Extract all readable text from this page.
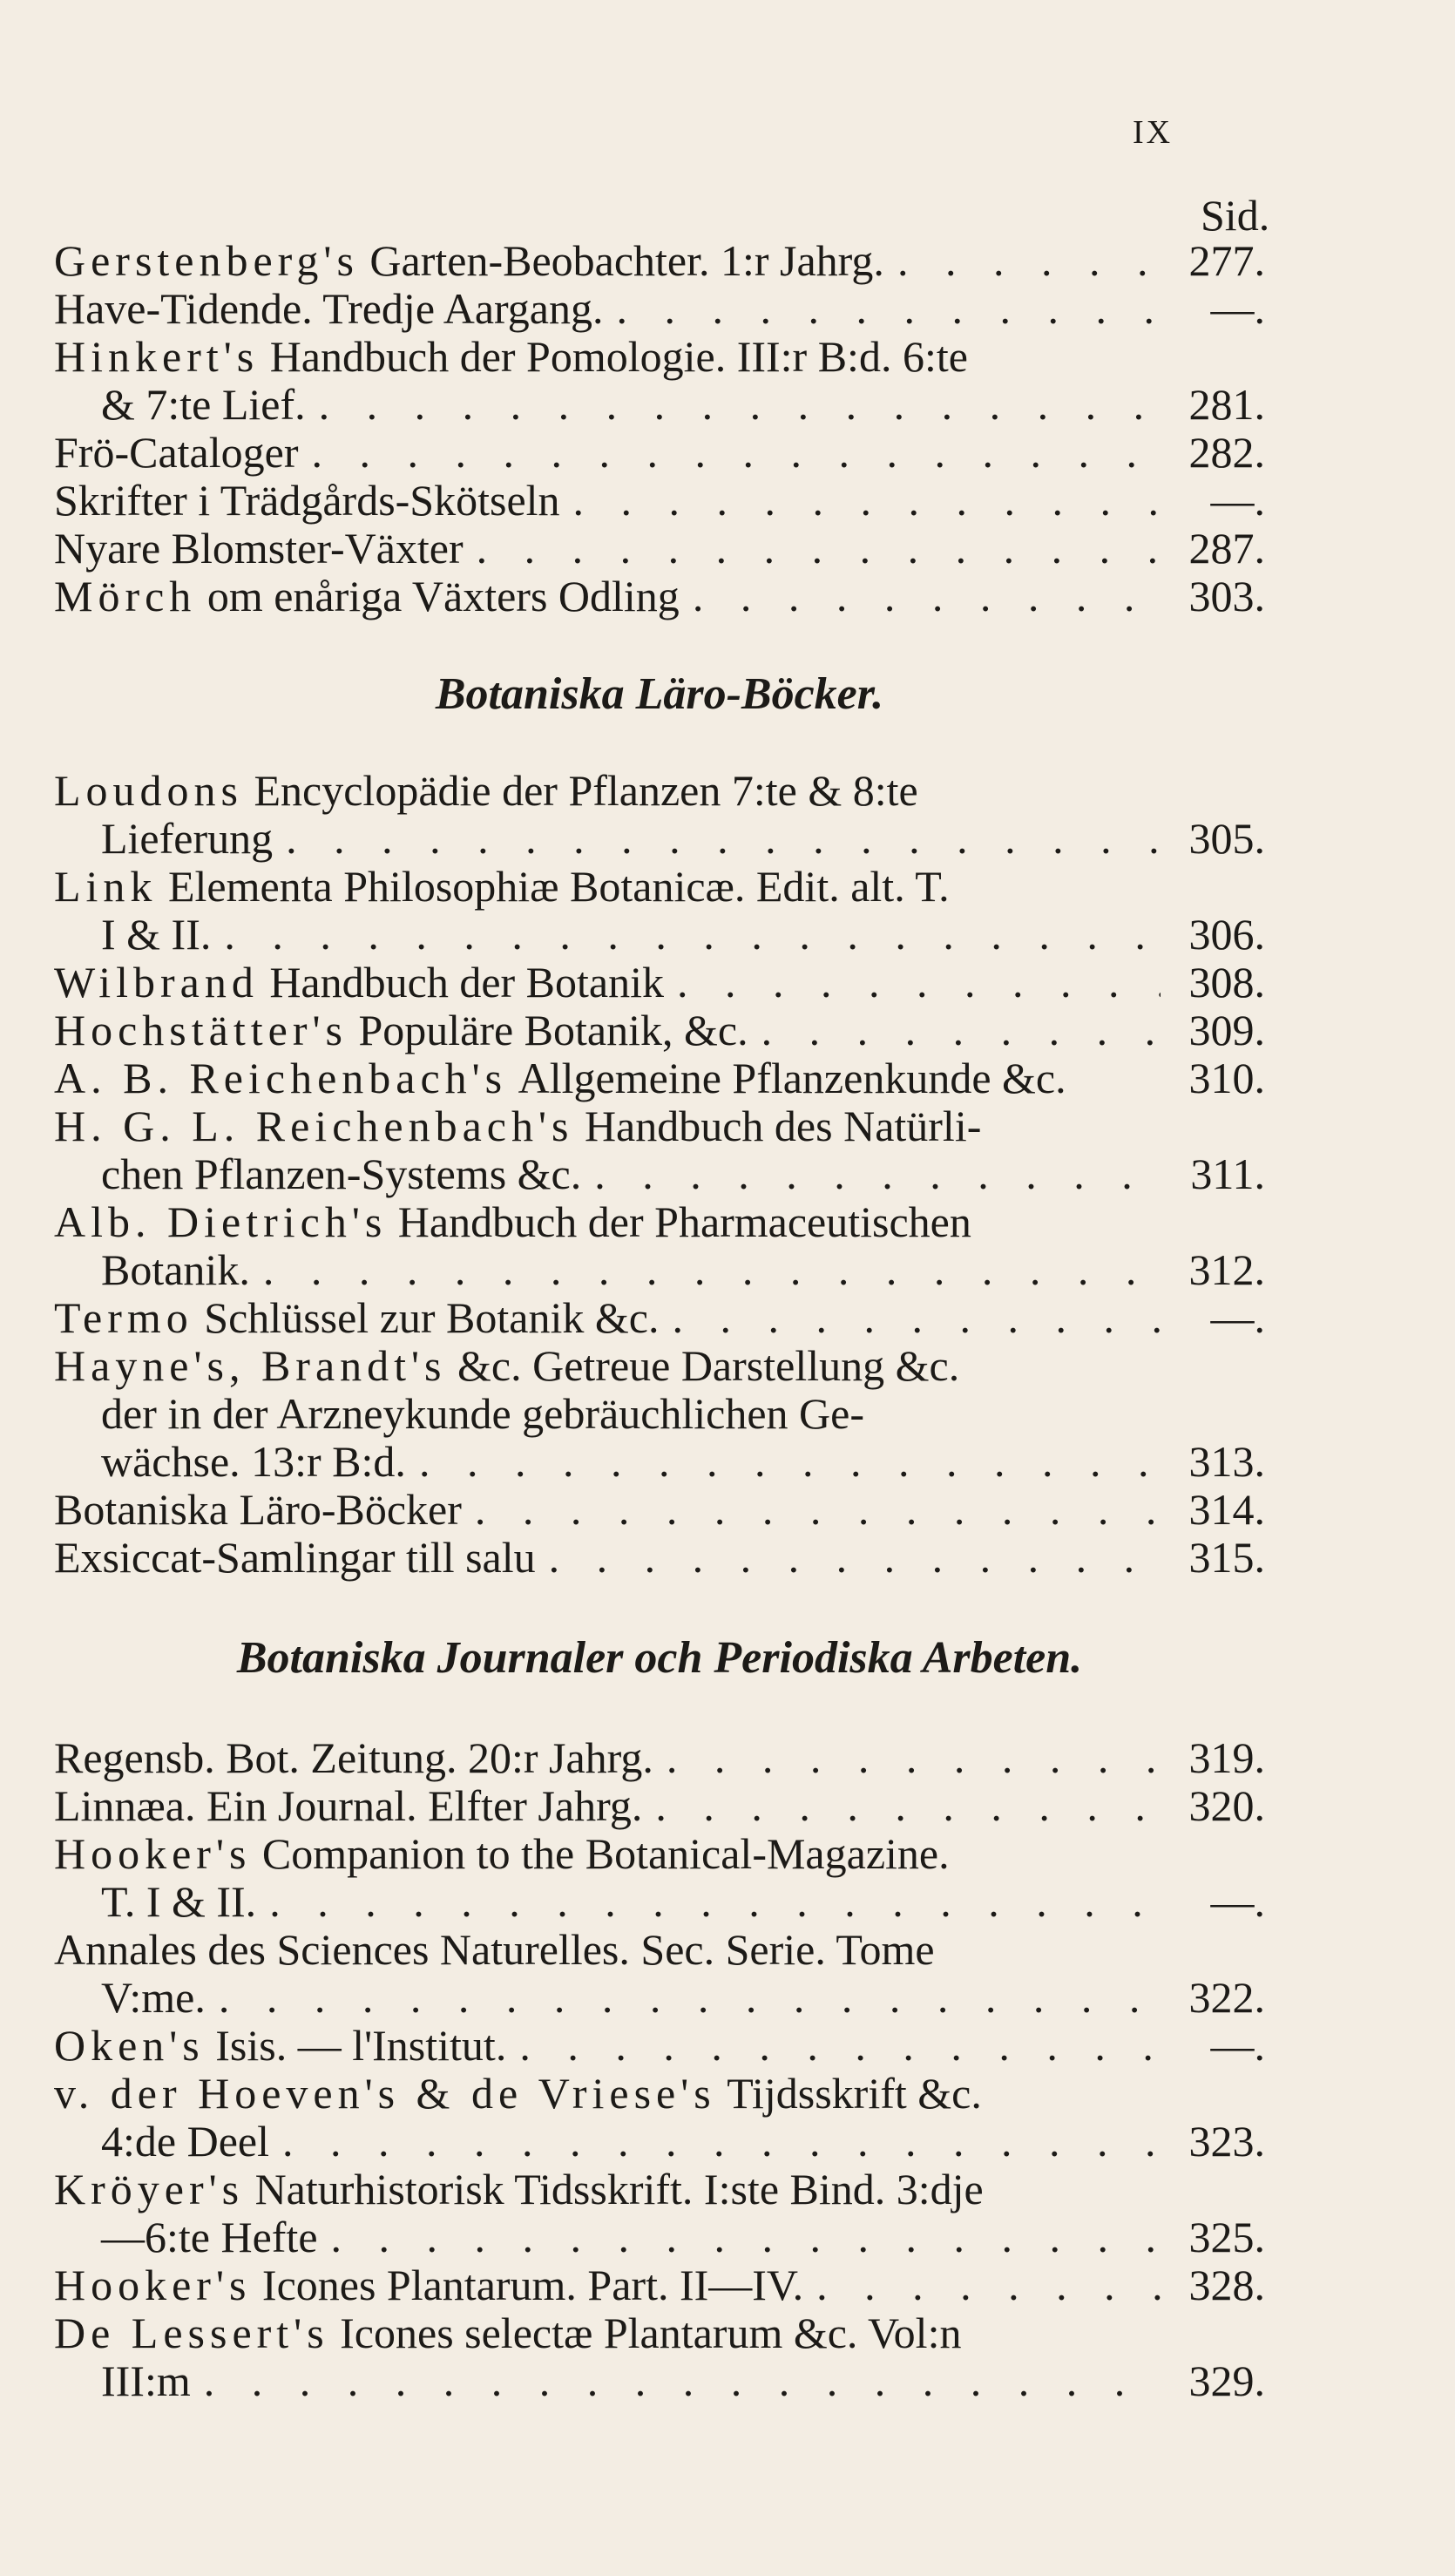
IX
Sid.
Gerstenberg's Garten-Beobachter. 1:r Jahrg. . . .	277.
Have-Tidende. Tredje Aargang. . . .	—.
Hinkert's Handbuch der Pomologie. III:r B:d. 6:te
& 7:te Lief. . . .	281.
Frö-Cataloger . . .	282.
Skrifter i Trädgårds-Skötseln . . .	—.
Nyare Blomster-Växter . . .	287.
Mörch om enåriga Växters Odling . . .	303.
Botaniska Läro-Böcker.
Loudons Encyclopädie der Pflanzen 7:te & 8:te
Lieferung . . .	305.
Link Elementa Philosophiæ Botanicæ. Edit. alt. T.
I & II. . . .	306.
Wilbrand Handbuch der Botanik . . .	308.
Hochstätter's Populäre Botanik, &c. . . .	309.
A. B. Reichenbach's Allgemeine Pflanzenkunde &c.	310.
H. G. L. Reichenbach's Handbuch des Natürli-
chen Pflanzen-Systems &c. . . .	311.
Alb. Dietrich's Handbuch der Pharmaceutischen
Botanik. . . .	312.
Termo Schlüssel zur Botanik &c. . . .	—.
Hayne's, Brandt's &c. Getreue Darstellung &c.
der in der Arzneykunde gebräuchlichen Ge-
wächse. 13:r B:d. . . .	313.
Botaniska Läro-Böcker . . .	314.
Exsiccat-Samlingar till salu . . .	315.
Botaniska Journaler och Periodiska Arbeten.
Regensb. Bot. Zeitung. 20:r Jahrg. . . .	319.
Linnæa. Ein Journal. Elfter Jahrg. . . .	320.
Hooker's Companion to the Botanical-Magazine.
T. I & II. . . .	—.
Annales des Sciences Naturelles. Sec. Serie. Tome
V:me. . . .	322.
Oken's Isis. — l'Institut. . . .	—.
v. der Hoeven's & de Vriese's Tijdsskrift &c.
4:de Deel . . .	323.
Kröyer's Naturhistorisk Tidsskrift. I:ste Bind. 3:dje
—6:te Hefte . . .	325.
Hooker's Icones Plantarum. Part. II—IV. . . .	328.
De Lessert's Icones selectæ Plantarum &c. Vol:n
III:m . . .	329.
